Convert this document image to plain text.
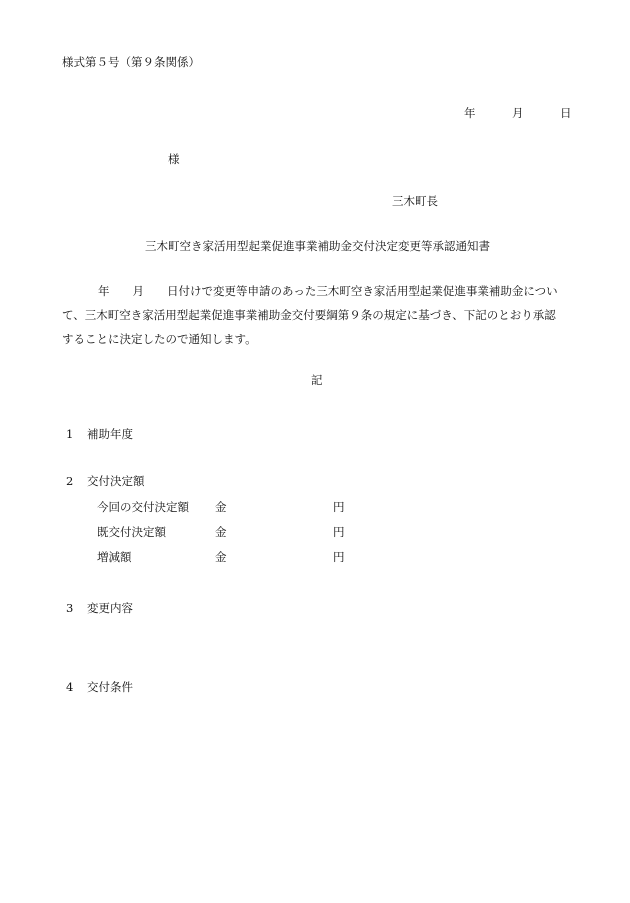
様式第５号（第９条関係）
年	月	日
様
三木町長
三木町空き家活用型起業促進事業補助金交付決定変更等承認通知書
年　　月　　日付けで変更等申請のあった三木町空き家活用型起業促進事業補助金につい
て、三木町空き家活用型起業促進事業補助金交付要綱第９条の規定に基づき、下記のとおり承認
することに決定したので通知します。
記
1 補助年度
2 交付決定額
今回の交付決定額 金	円
既交付決定額	金	円
増減額	金	円
3 変更内容
4 交付条件
